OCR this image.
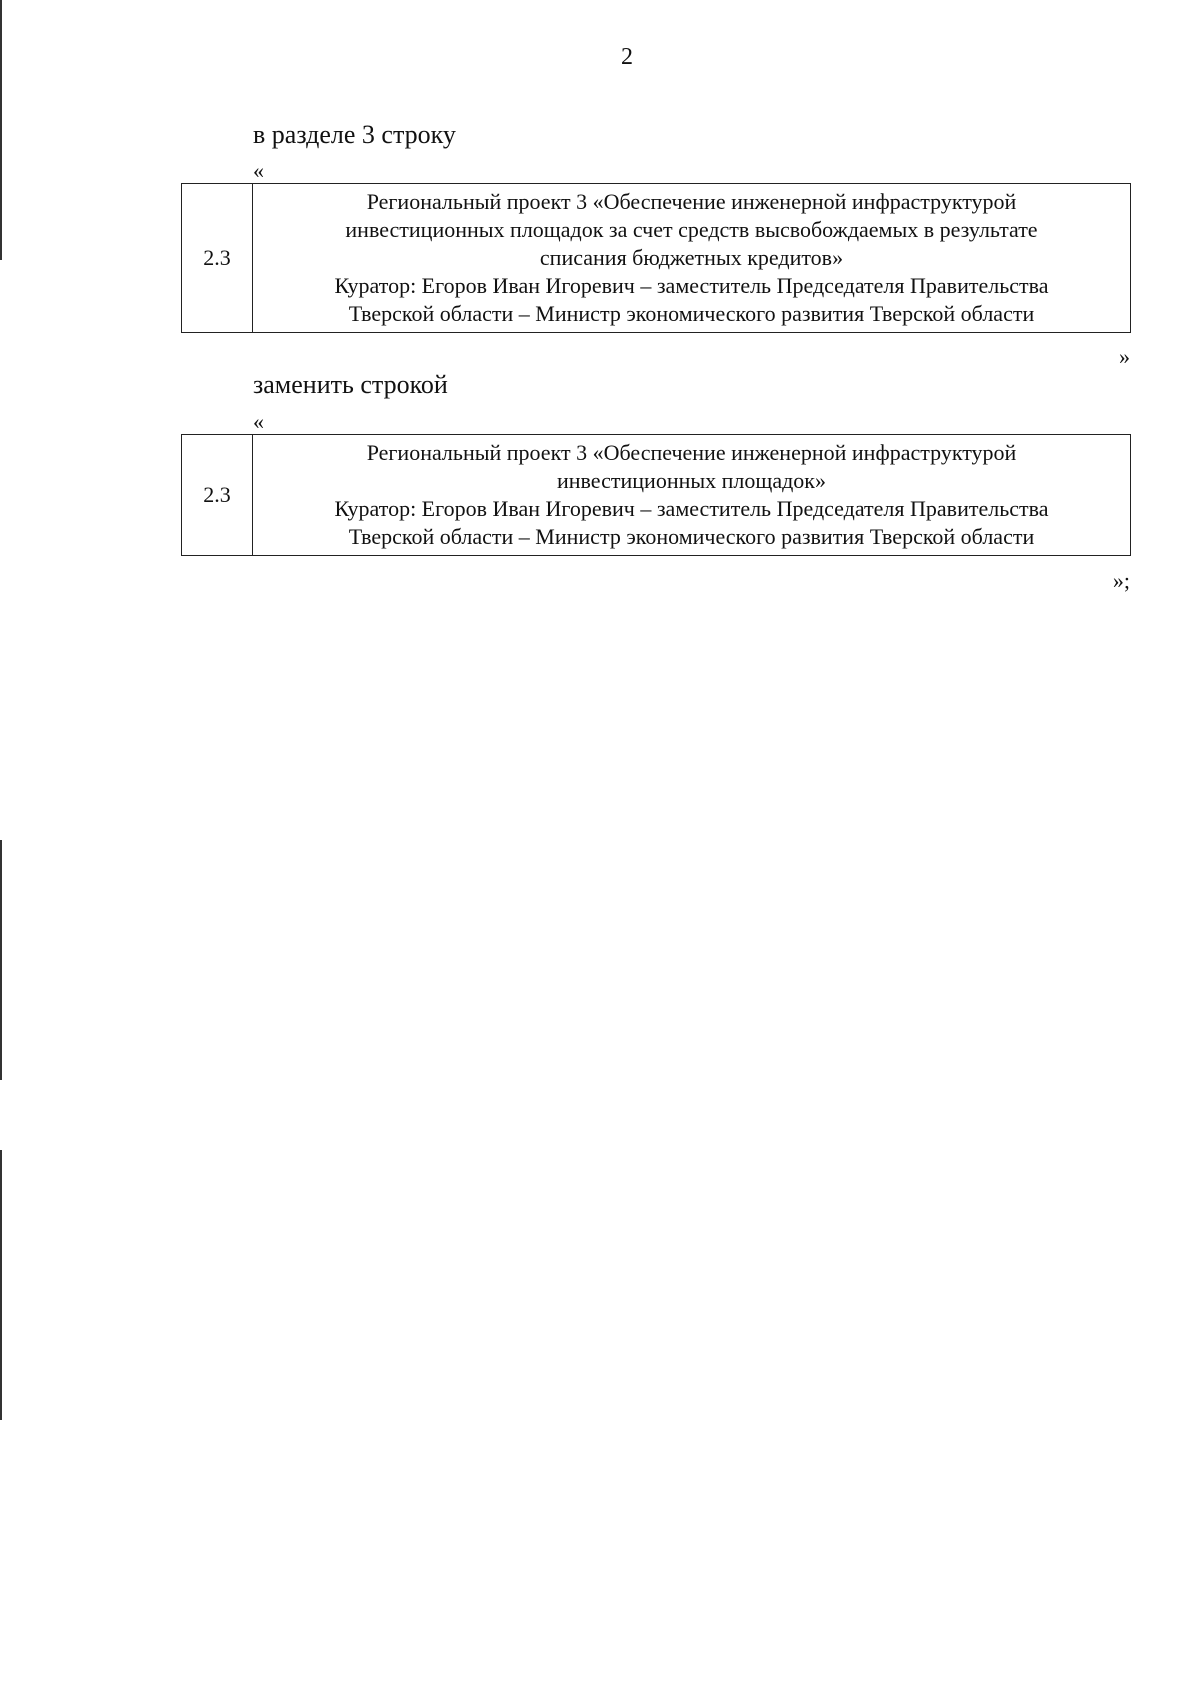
2
в разделе 3 строку
«
2.3	
Региональный проект 3 «Обеспечение инженерной инфраструктурой
инвестиционных площадок за счет средств высвобождаемых в результате
списания бюджетных кредитов»
Куратор: Егоров Иван Игоревич – заместитель Председателя Правительства
Тверской области – Министр экономического развития Тверской области
»
заменить строкой
«
2.3	
Региональный проект 3 «Обеспечение инженерной инфраструктурой
инвестиционных площадок»
Куратор: Егоров Иван Игоревич – заместитель Председателя Правительства
Тверской области – Министр экономического развития Тверской области
»;
